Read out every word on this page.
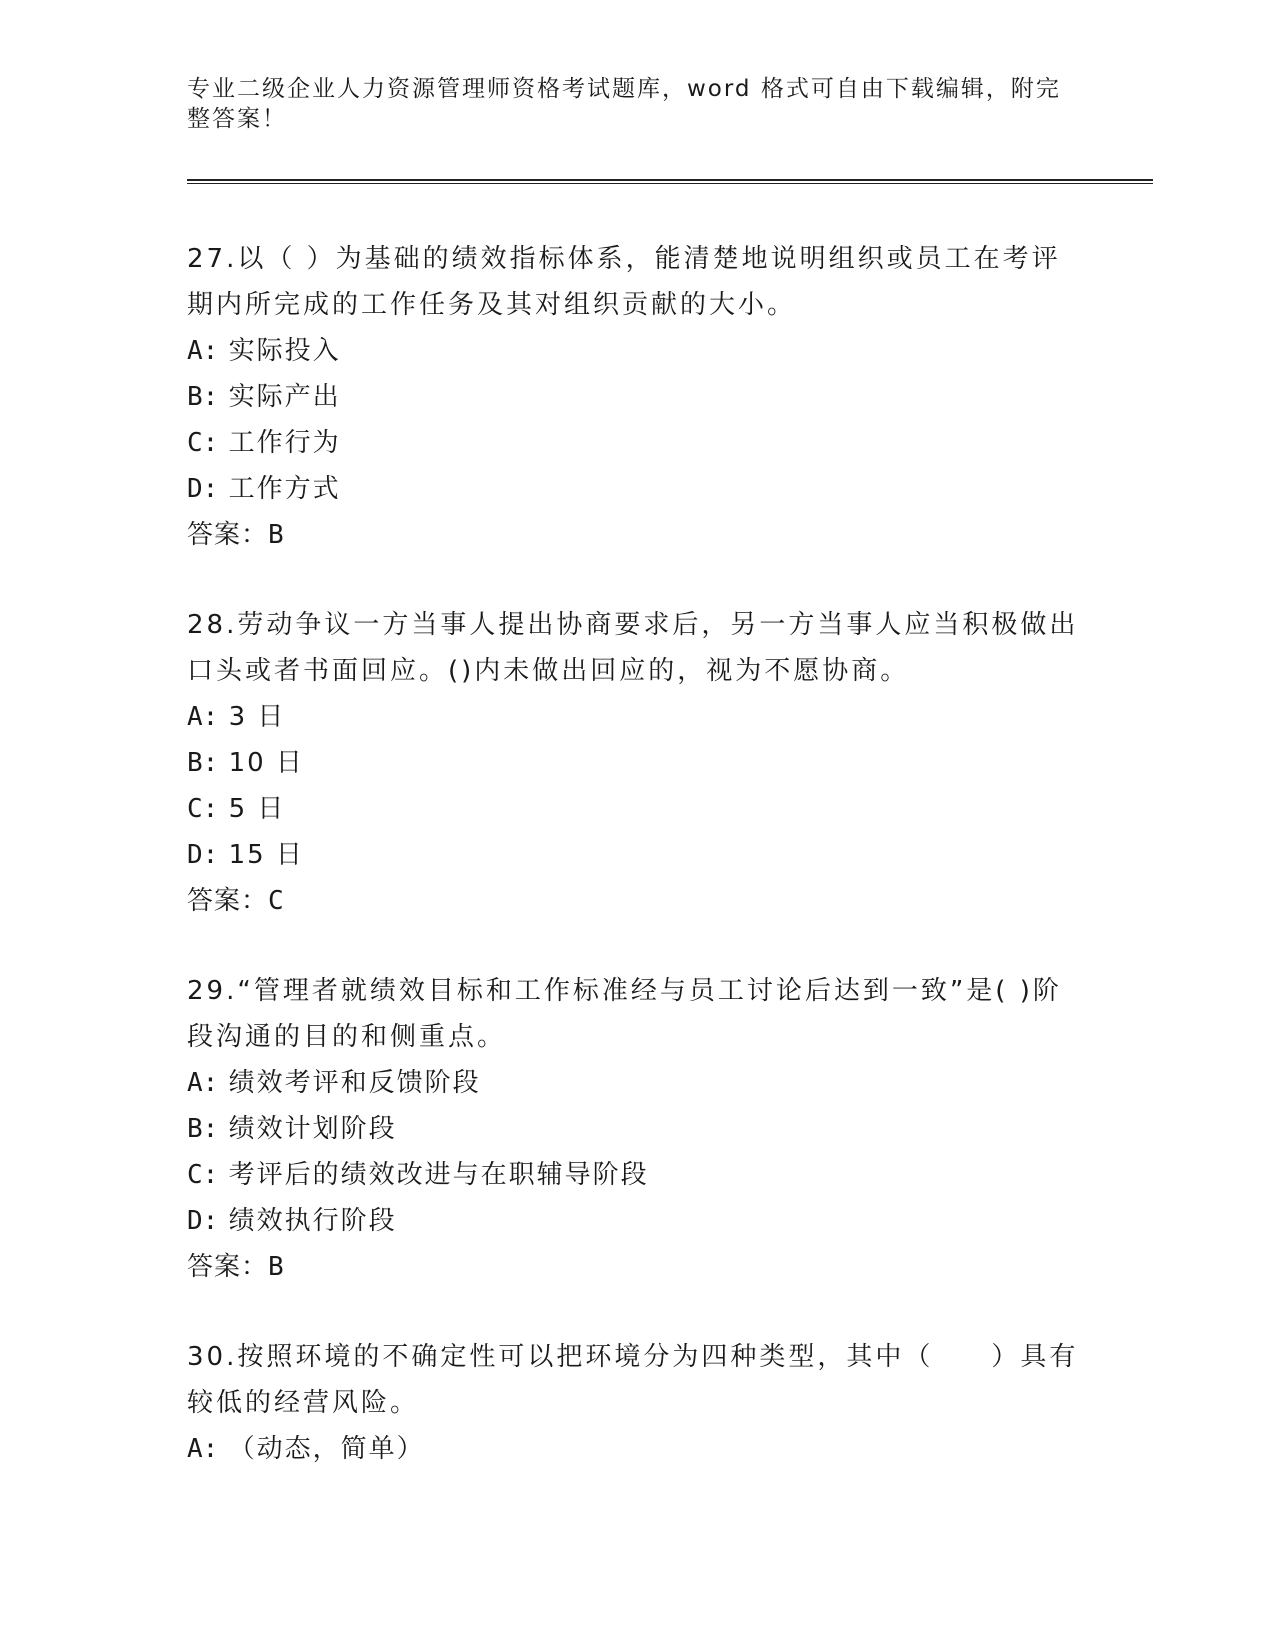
专业二级企业人力资源管理师资格考试题库，word 格式可自由下载编辑，附完整答案！

27.以（ ）为基础的绩效指标体系，能清楚地说明组织或员工在考评期内所完成的工作任务及其对组织贡献的大小。

A: 实际投入
B: 实际产出
C: 工作行为
D: 工作方式
答案：B

28.劳动争议一方当事人提出协商要求后，另一方当事人应当积极做出口头或者书面回应。()内未做出回应的，视为不愿协商。

A: 3 日
B: 10 日
C: 5 日
D: 15 日
答案：C

29.“管理者就绩效目标和工作标准经与员工讨论后达到一致”是( )阶段沟通的目的和侧重点。

A: 绩效考评和反馈阶段
B: 绩效计划阶段
C: 考评后的绩效改进与在职辅导阶段
D: 绩效执行阶段
答案：B

30.按照环境的不确定性可以把环境分为四种类型，其中（　　）具有较低的经营风险。

A: （动态，简单）
